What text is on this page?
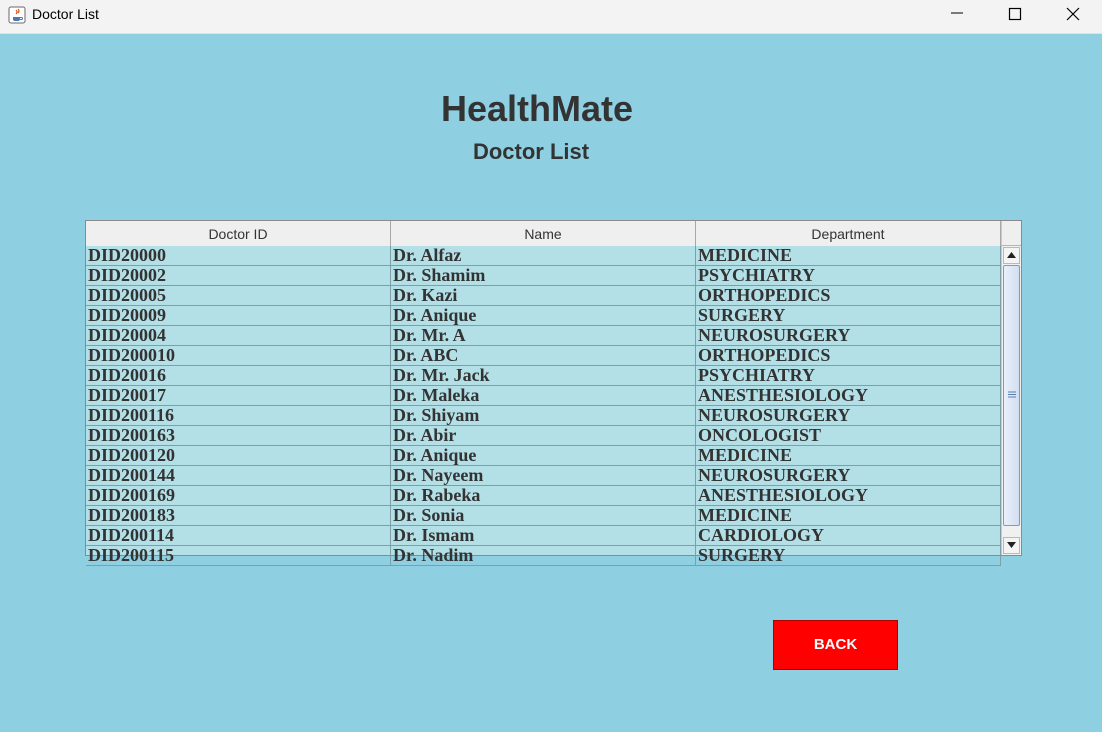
Doctor List
HealthMate
Doctor List
Doctor ID	Name	Department
DID20000	Dr. Alfaz	MEDICINE
DID20002	Dr. Shamim	PSYCHIATRY
DID20005	Dr. Kazi	ORTHOPEDICS
DID20009	Dr. Anique	SURGERY
DID20004	Dr. Mr. A	NEUROSURGERY
DID200010	Dr. ABC	ORTHOPEDICS
DID20016	Dr. Mr. Jack	PSYCHIATRY
DID20017	Dr. Maleka	ANESTHESIOLOGY
DID200116	Dr. Shiyam	NEUROSURGERY
DID200163	Dr. Abir	ONCOLOGIST
DID200120	Dr. Anique	MEDICINE
DID200144	Dr. Nayeem	NEUROSURGERY
DID200169	Dr. Rabeka	ANESTHESIOLOGY
DID200183	Dr. Sonia	MEDICINE
DID200114	Dr. Ismam	CARDIOLOGY
DID200115	Dr. Nadim	SURGERY
BACK
